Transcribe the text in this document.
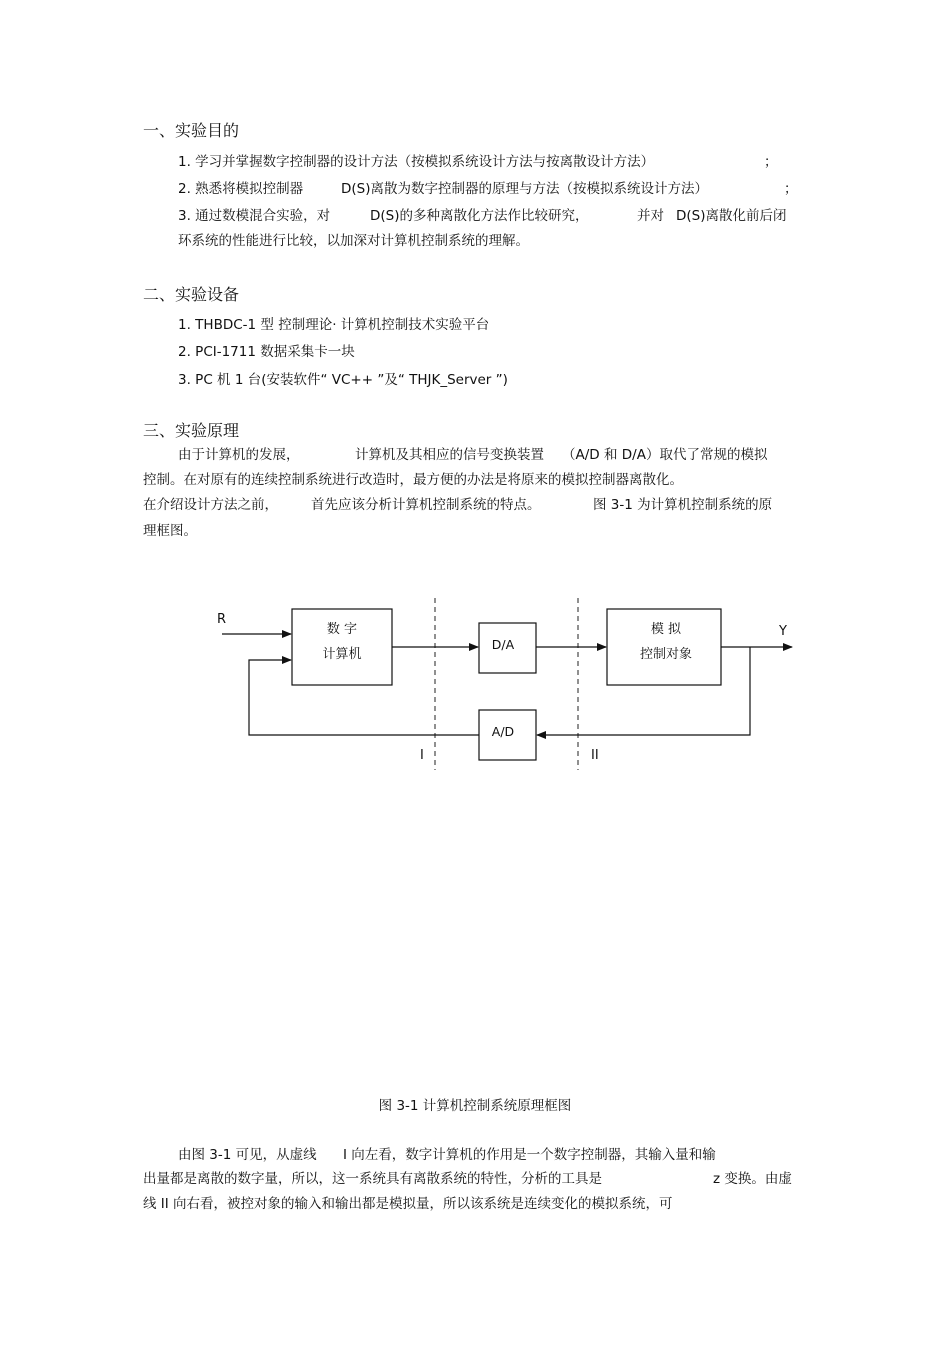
一、实验目的
1. 学习并掌握数字控制器的设计方法（按模拟系统设计方法与按离散设计方法）	；
2. 熟悉将模拟控制器	D(S)离散为数字控制器的原理与方法（按模拟系统设计方法）	；
3. 通过数模混合实验，对	D(S)的多种离散化方法作比较研究，	并对 D(S)离散化前后闭
环系统的性能进行比较，以加深对计算机控制系统的理解。
二、实验设备
1. THBDC-1 型 控制理论· 计算机控制技术实验平台
2. PCI-1711 数据采集卡一块
3. PC 机 1 台(安装软件“ VC++ ”及“ THJK_Server ”)
三、实验原理
由于计算机的发展，	计算机及其相应的信号变换装置 （A/D 和 D/A）取代了常规的模拟
控制。在对原有的连续控制系统进行改造时，最方便的办法是将原来的模拟控制器离散化。
在介绍设计方法之前， 首先应该分析计算机控制系统的特点。	图 3-1 为计算机控制系统的原
理框图。
R
Y
数 字
计算机
D/A
A/D
模 拟
控制对象
I	II
图 3-1 计算机控制系统原理框图
由图 3-1 可见，从虚线 I 向左看，数字计算机的作用是一个数字控制器，其输入量和输
出量都是离散的数字量，所以，这一系统具有离散系统的特性，分析的工具是	z 变换。由虚
线 II 向右看，被控对象的输入和输出都是模拟量，所以该系统是连续变化的模拟系统，可
